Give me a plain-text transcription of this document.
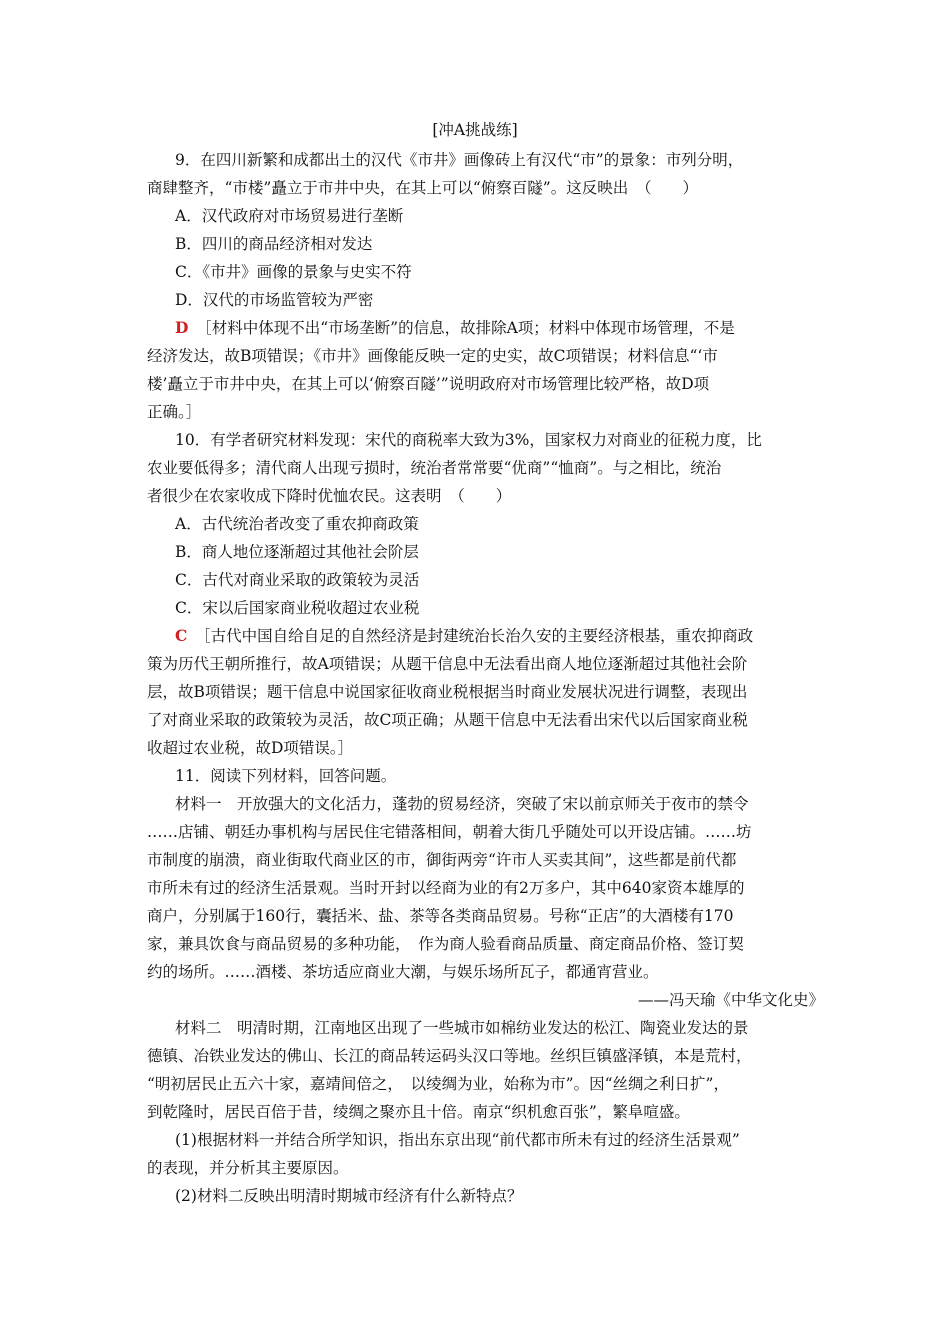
[冲A挑战练]
9．在四川新繁和成都出土的汉代《市井》画像砖上有汉代“市”的景象：市列分明，
商肆整齐，“市楼”矗立于市井中央，在其上可以“俯察百隧”。这反映出　（　　）
A．汉代政府对市场贸易进行垄断
B．四川的商品经济相对发达
C．《市井》画像的景象与史实不符
D．汉代的市场监管较为严密
D　 ［材料中体现不出“市场垄断”的信息，故排除A项；材料中体现市场管理，不是
经济发达，故B项错误；《市井》画像能反映一定的史实，故C项错误；材料信息“‘市
楼’矗立于市井中央，在其上可以‘俯察百隧’”说明政府对市场管理比较严格，故D项
正确。］
10．有学者研究材料发现：宋代的商税率大致为3%，国家权力对商业的征税力度，比
农业要低得多；清代商人出现亏损时，统治者常常要“优商”“恤商”。与之相比，统治
者很少在农家收成下降时优恤农民。这表明　（　　）
A．古代统治者改变了重农抑商政策
B．商人地位逐渐超过其他社会阶层
C．古代对商业采取的政策较为灵活
C．宋以后国家商业税收超过农业税
C　 ［古代中国自给自足的自然经济是封建统治长治久安的主要经济根基，重农抑商政
策为历代王朝所推行，故A项错误；从题干信息中无法看出商人地位逐渐超过其他社会阶
层，故B项错误；题干信息中说国家征收商业税根据当时商业发展状况进行调整，表现出
了对商业采取的政策较为灵活，故C项正确；从题干信息中无法看出宋代以后国家商业税
收超过农业税，故D项错误。］
11．阅读下列材料，回答问题。
材料一　开放强大的文化活力，蓬勃的贸易经济，突破了宋以前京师关于夜市的禁令
……店铺、朝廷办事机构与居民住宅错落相间，朝着大街几乎随处可以开设店铺。……坊
市制度的崩溃，商业街取代商业区的市，御街两旁“许市人买卖其间”，这些都是前代都
市所未有过的经济生活景观。当时开封以经商为业的有2万多户，其中640家资本雄厚的
商户，分别属于160行，囊括米、盐、茶等各类商品贸易。号称“正店”的大酒楼有170
家，兼具饮食与商品贸易的多种功能，　作为商人验看商品质量、商定商品价格、签订契
约的场所。……酒楼、茶坊适应商业大潮，与娱乐场所瓦子，都通宵营业。
——冯天瑜《中华文化史》
材料二　明清时期，江南地区出现了一些城市如棉纺业发达的松江、陶瓷业发达的景
德镇、冶铁业发达的佛山、长江的商品转运码头汉口等地。丝织巨镇盛泽镇，本是荒村，
“明初居民止五六十家，嘉靖间倍之，　以绫绸为业，始称为市”。因“丝绸之利日扩”，
到乾隆时，居民百倍于昔，绫绸之聚亦且十倍。南京“织机愈百张”，繁阜喧盛。
(1)根据材料一并结合所学知识，指出东京出现“前代都市所未有过的经济生活景观”
的表现，并分析其主要原因。
(2)材料二反映出明清时期城市经济有什么新特点？
